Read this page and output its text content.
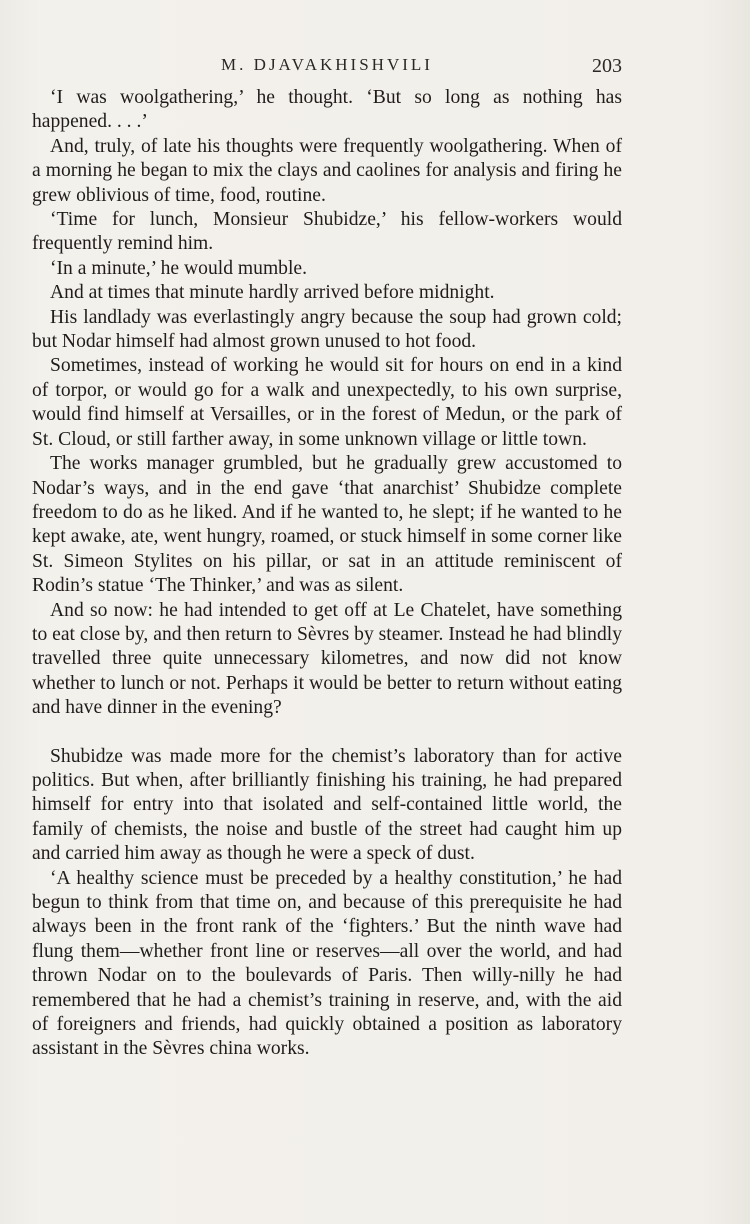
M. DJAVAKHISHVILI	203

‘I was woolgathering,’ he thought. ‘But so long as nothing has happened. . . .’

And, truly, of late his thoughts were frequently woolgathering. When of a morning he began to mix the clays and caolines for analysis and firing he grew oblivious of time, food, routine.

‘Time for lunch, Monsieur Shubidze,’ his fellow-workers would frequently remind him.

‘In a minute,’ he would mumble.

And at times that minute hardly arrived before midnight.

His landlady was everlastingly angry because the soup had grown cold; but Nodar himself had almost grown unused to hot food.

Sometimes, instead of working he would sit for hours on end in a kind of torpor, or would go for a walk and unexpectedly, to his own surprise, would find himself at Versailles, or in the forest of Medun, or the park of St. Cloud, or still farther away, in some unknown village or little town.

The works manager grumbled, but he gradually grew accustomed to Nodar’s ways, and in the end gave ‘that anarchist’ Shubidze complete freedom to do as he liked. And if he wanted to, he slept; if he wanted to he kept awake, ate, went hungry, roamed, or stuck himself in some corner like St. Simeon Stylites on his pillar, or sat in an attitude reminiscent of Rodin’s statue ‘The Thinker,’ and was as silent.

And so now: he had intended to get off at Le Chatelet, have something to eat close by, and then return to Sèvres by steamer. Instead he had blindly travelled three quite unnecessary kilometres, and now did not know whether to lunch or not. Perhaps it would be better to return without eating and have dinner in the evening?

Shubidze was made more for the chemist’s laboratory than for active politics. But when, after brilliantly finishing his training, he had prepared himself for entry into that isolated and self-contained little world, the family of chemists, the noise and bustle of the street had caught him up and carried him away as though he were a speck of dust.

‘A healthy science must be preceded by a healthy constitution,’ he had begun to think from that time on, and because of this prerequisite he had always been in the front rank of the ‘fighters.’ But the ninth wave had flung them—whether front line or reserves—all over the world, and had thrown Nodar on to the boulevards of Paris. Then willy-nilly he had remembered that he had a chemist’s training in reserve, and, with the aid of foreigners and friends, had quickly obtained a position as laboratory assistant in the Sèvres china works.
